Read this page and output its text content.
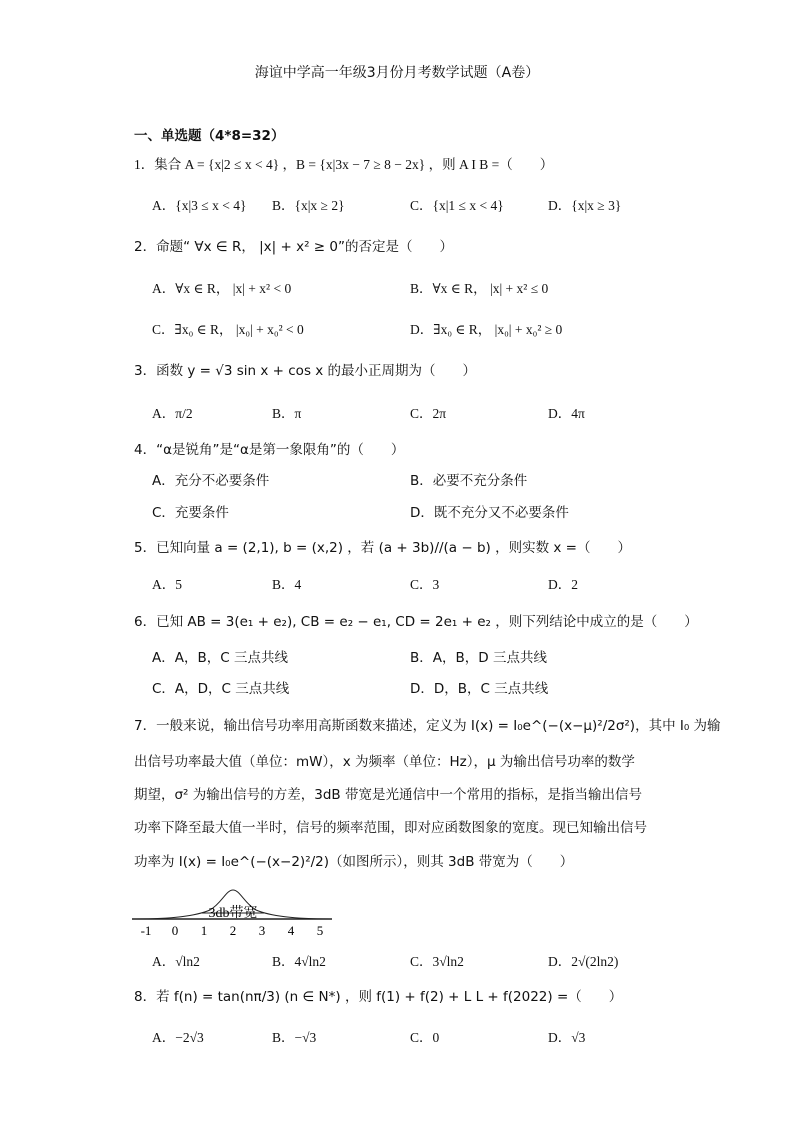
海谊中学高一年级3月份月考数学试题（A卷）
一、单选题（4*8=32）
1．集合 A = {x|2 ≤ x < 4} ，B = {x|3x − 7 ≥ 8 − 2x} ，则 A I B =（　　）
A．{x|3 ≤ x < 4} B．{x|x ≥ 2}	C．{x|1 ≤ x < 4}	D．{x|x ≥ 3}
2．命题“ ∀x ∈ R， |x| + x² ≥ 0”的否定是（　　）
A．∀x ∈ R， |x| + x² < 0	B．∀x ∈ R， |x| + x² ≤ 0
C．∃x₀ ∈ R， |x₀| + x₀² < 0	D．∃x₀ ∈ R， |x₀| + x₀² ≥ 0
3．函数 y = √3 sin x + cos x 的最小正周期为（　　）
A．π/2	B．π	C．2π	D．4π
4．“α是锐角”是“α是第一象限角”的（　　）
A．充分不必要条件	B．必要不充分条件
C．充要条件	D．既不充分又不必要条件
5．已知向量 a = (2,1), b = (x,2) ，若 (a + 3b)//(a − b) ，则实数 x =（　　）
A．5	B．4	C．3	D．2
6．已知 AB = 3(e₁ + e₂), CB = e₂ − e₁, CD = 2e₁ + e₂ ，则下列结论中成立的是（　　）
A．A，B，C 三点共线	B．A，B，D 三点共线
C．A，D，C 三点共线	D．D，B，C 三点共线
7．一般来说，输出信号功率用高斯函数来描述，定义为 I(x) = I₀e^(−(x−μ)²/2σ²)，其中 I₀ 为输
出信号功率最大值（单位：mW），x 为频率（单位：Hz），μ 为输出信号功率的数学
期望，σ² 为输出信号的方差，3dB 带宽是光通信中一个常用的指标，是指当输出信号
功率下降至最大值一半时，信号的频率范围，即对应函数图象的宽度。现已知输出信号
功率为 I(x) = I₀e^(−(x−2)²/2)（如图所示），则其 3dB 带宽为（　　）
3db带宽
-1 0 1 2 3 4 5
A．√ln2	B．4√ln2	C．3√ln2	D．2√(2ln2)
8．若 f(n) = tan(nπ/3) (n ∈ N*) ，则 f(1) + f(2) + L L + f(2022) =（　　）
A．−2√3	B．−√3	C．0	D．√3
